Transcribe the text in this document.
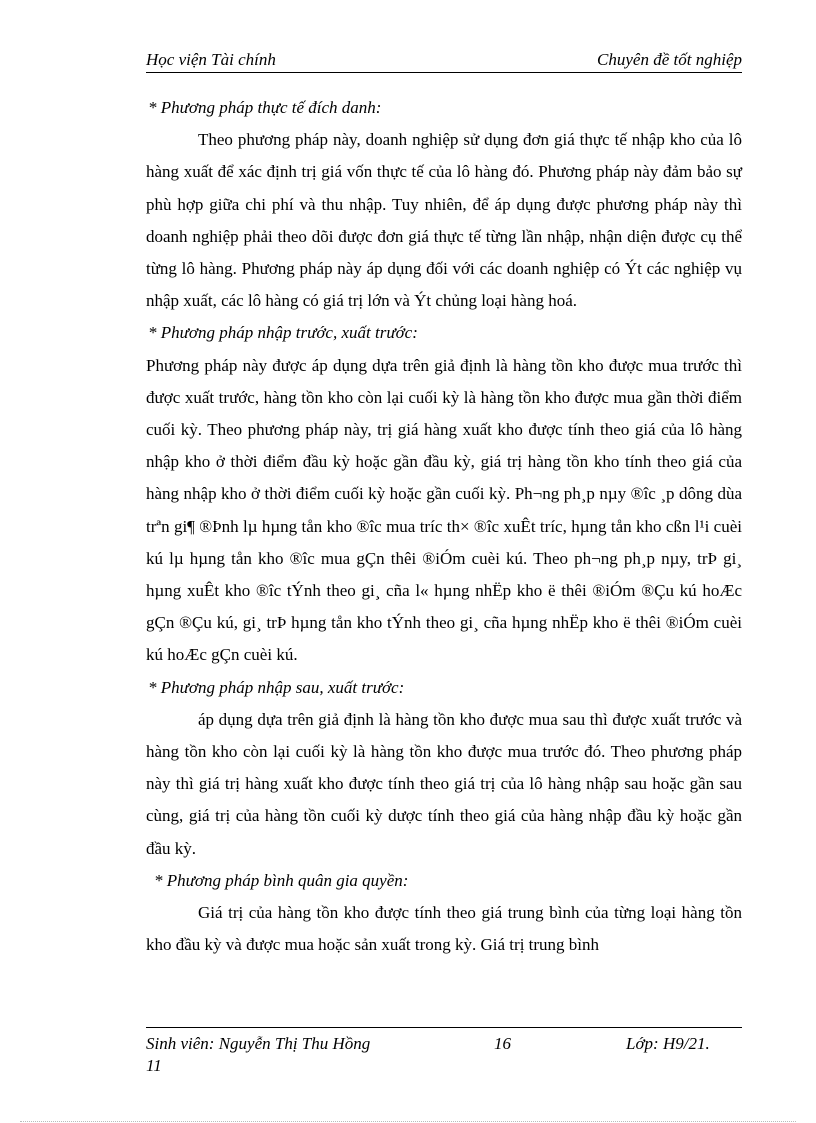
Học viện Tài chính	Chuyên đề tốt nghiệp

* Phương pháp thực tế đích danh:

Theo phương pháp này, doanh nghiệp sử dụng đơn giá thực tế nhập kho của lô hàng xuất để xác định trị giá vốn thực tế của lô hàng đó. Phương pháp này đảm bảo sự phù hợp giữa chi phí và thu nhập. Tuy nhiên, để áp dụng được phương pháp này thì doanh nghiệp phải theo dõi được đơn giá thực tế từng lần nhập, nhận diện được cụ thể từng lô hàng. Phương pháp này áp dụng đối với các doanh nghiệp có Ýt các nghiệp vụ nhập xuất, các lô hàng có giá trị lớn và Ýt chủng loại hàng hoá.

* Phương pháp nhập trước, xuất trước:

Phương pháp này được áp dụng dựa trên giả định là hàng tồn kho được mua trước thì được xuất trước, hàng tồn kho còn lại cuối kỳ là hàng tồn kho được mua gần thời điểm cuối kỳ. Theo phương pháp này, trị giá hàng xuất kho được tính theo giá của lô hàng nhập kho ở thời điểm đầu kỳ hoặc gần đầu kỳ, giá trị hàng tồn kho tính theo giá của hàng nhập kho ở thời điểm cuối kỳ hoặc gần cuối kỳ. Ph¬ng ph¸p nµy ®îc ¸p dông dùa trªn gi¶ ®Þnh lµ hµng tån kho ®îc mua tríc th× ®îc xuÊt tríc, hµng tån kho cßn l¹i cuèi kú lµ hµng tån kho ®îc mua gÇn thêi ®iÓm cuèi kú. Theo ph¬ng ph¸p nµy, trÞ gi¸ hµng xuÊt kho ®îc tÝnh theo gi¸ cña l« hµng nhËp kho ë thêi ®iÓm ®Çu kú hoÆc gÇn ®Çu kú, gi¸ trÞ hµng tån kho tÝnh theo gi¸ cña hµng nhËp kho ë thêi ®iÓm cuèi kú hoÆc gÇn cuèi kú.

* Phương pháp nhập sau, xuất trước:

áp dụng dựa trên giả định là hàng tồn kho được mua sau thì được xuất trước và hàng tồn kho còn lại cuối kỳ là hàng tồn kho được mua trước đó. Theo phương pháp này thì giá trị hàng xuất kho được tính theo giá trị của lô hàng nhập sau hoặc gần sau cùng, giá trị của hàng tồn cuối kỳ dược tính theo giá của hàng nhập đầu kỳ hoặc gần đầu kỳ.

* Phương pháp bình quân gia quyền:

Giá trị của hàng tồn kho được tính theo giá trung bình của từng loại hàng tồn kho đầu kỳ và được mua hoặc sản xuất trong kỳ. Giá trị trung bình

Sinh viên: Nguyễn Thị Thu Hồng	16	Lớp: H9/21.
11
